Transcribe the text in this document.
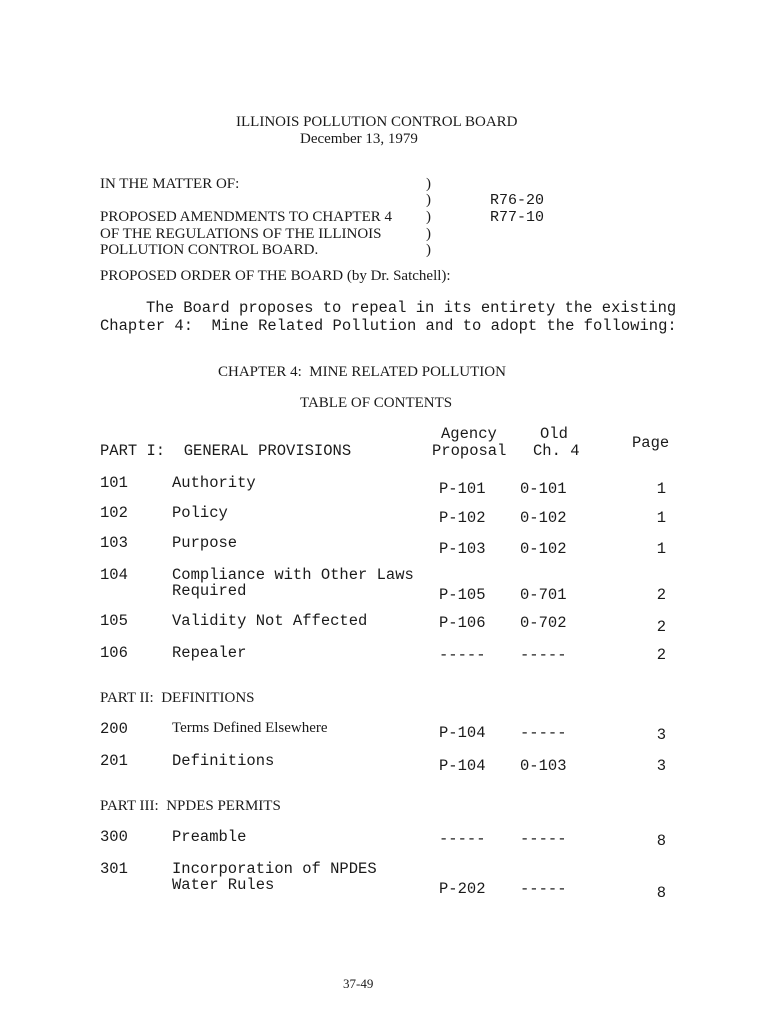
ILLINOIS POLLUTION CONTROL BOARD
December 13, 1979
IN THE MATTER OF:
PROPOSED AMENDMENTS TO CHAPTER 4
OF THE REGULATIONS OF THE ILLINOIS
POLLUTION CONTROL BOARD.
)
)
)
)
)
R76-20
R77-10
PROPOSED ORDER OF THE BOARD (by Dr. Satchell):
The Board proposes to repeal in its entirety the existing
Chapter 4:  Mine Related Pollution and to adopt the following:
CHAPTER 4:  MINE RELATED POLLUTION
TABLE OF CONTENTS
Agency
Proposal
Old
Ch. 4	Page
PART I:  GENERAL PROVISIONS
101	Authority	P-101 0-101	1
102	Policy	P-102 0-102	1
103	Purpose	P-103 0-102	1
104	Compliance with Other Laws
Required	P-105 0-701	2
105	Validity Not Affected	P-106 0-702	2
106	Repealer	----- -----	2
PART II:  DEFINITIONS
200	Terms Defined Elsewhere	P-104 -----	3
201	Definitions	P-104 0-103	3
PART III:  NPDES PERMITS
300	Preamble	----- -----	8
301	Incorporation of NPDES
Water Rules	P-202 -----	8
37-49
